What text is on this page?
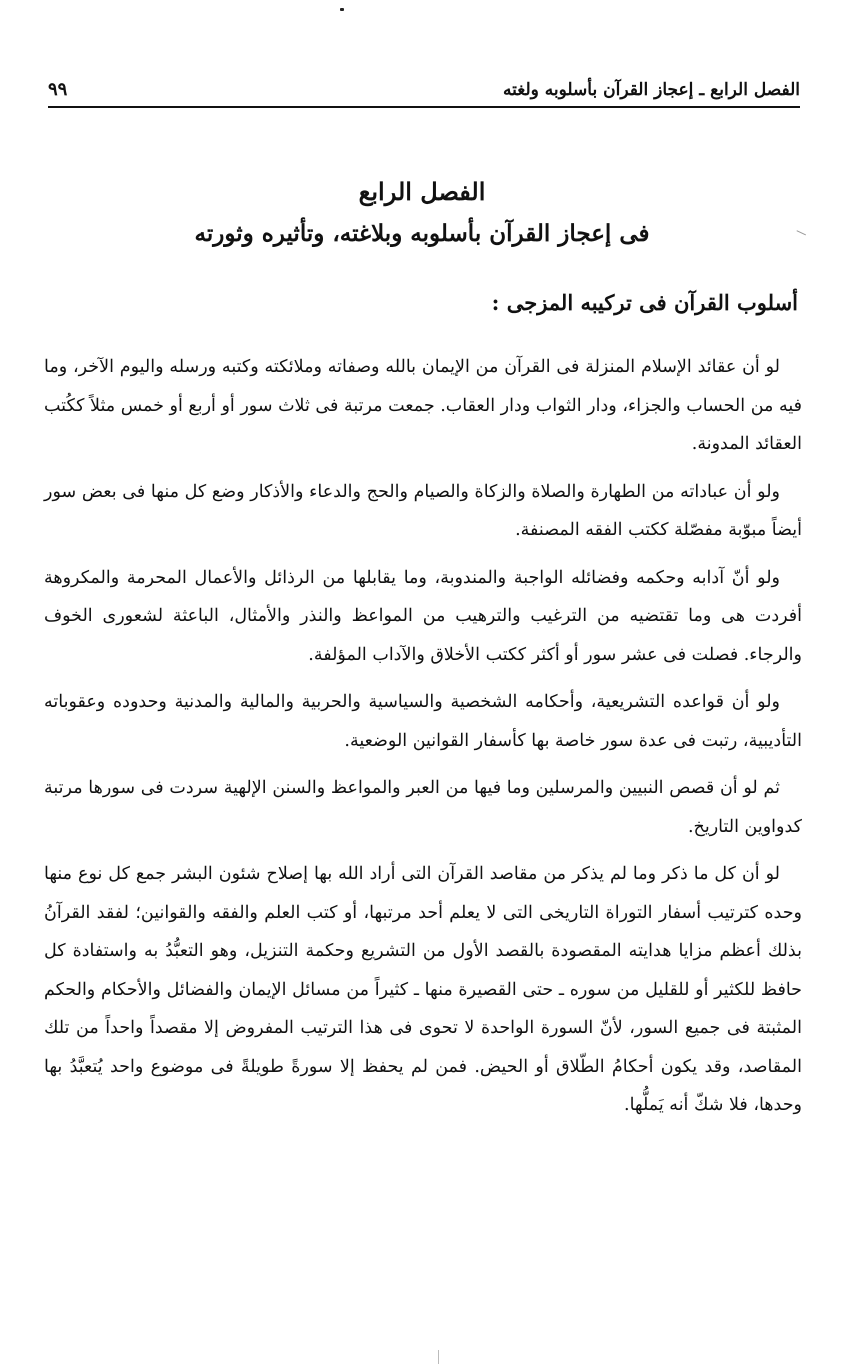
الفصل الرابع ـ إعجاز القرآن بأسلوبه ولغته
٩٩
الفصل الرابع
فى إعجاز القرآن بأسلوبه وبلاغته، وتأثيره وثورته
أسلوب القرآن فى تركيبه المزجى :

لو أن عقائد الإسلام المنزلة فى القرآن من الإيمان بالله وصفاته وملائكته وكتبه ورسله واليوم الآخر، وما فيه من الحساب والجزاء، ودار الثواب ودار العقاب. جمعت مرتبة فى ثلاث سور أو أربع أو خمس مثلاً ككُتب العقائد المدونة.

ولو أن عباداته من الطهارة والصلاة والزكاة والصيام والحج والدعاء والأذكار وضع كل منها فى بعض سور أيضاً مبوّبة مفصّلة ككتب الفقه المصنفة.

ولو أنّ آدابه وحكمه وفضائله الواجبة والمندوبة، وما يقابلها من الرذائل والأعمال المحرمة والمكروهة أفردت هى وما تقتضيه من الترغيب والترهيب من المواعظ والنذر والأمثال، الباعثة لشعورى الخوف والرجاء. فصلت فى عشر سور أو أكثر ككتب الأخلاق والآداب المؤلفة.

ولو أن قواعده التشريعية، وأحكامه الشخصية والسياسية والحربية والمالية والمدنية وحدوده وعقوباته التأديبية، رتبت فى عدة سور خاصة بها كأسفار القوانين الوضعية.

ثم لو أن قصص النبيين والمرسلين وما فيها من العبر والمواعظ والسنن الإلهية سردت فى سورها مرتبة كدواوين التاريخ.

لو أن كل ما ذكر وما لم يذكر من مقاصد القرآن التى أراد الله بها إصلاح شئون البشر جمع كل نوع منها وحده كترتيب أسفار التوراة التاريخى التى لا يعلم أحد مرتبها، أو كتب العلم والفقه والقوانين؛ لفقد القرآنُ بذلك أعظم مزايا هدايته المقصودة بالقصد الأول من التشريع وحكمة التنزيل، وهو التعبُّدُ به واستفادة كل حافظ للكثير أو للقليل من سوره ـ حتى القصيرة منها ـ كثيراً من مسائل الإيمان والفضائل والأحكام والحكم المثبتة فى جميع السور، لأنّ السورة الواحدة لا تحوى فى هذا الترتيب المفروض إلا مقصداً واحداً من تلك المقاصد، وقد يكون أحكامُ الطّلاق أو الحيض. فمن لم يحفظ إلا سورةً طويلةً فى موضوع واحد يُتعبَّدُ بها وحدها، فلا شكّ أنه يَملُّها.
